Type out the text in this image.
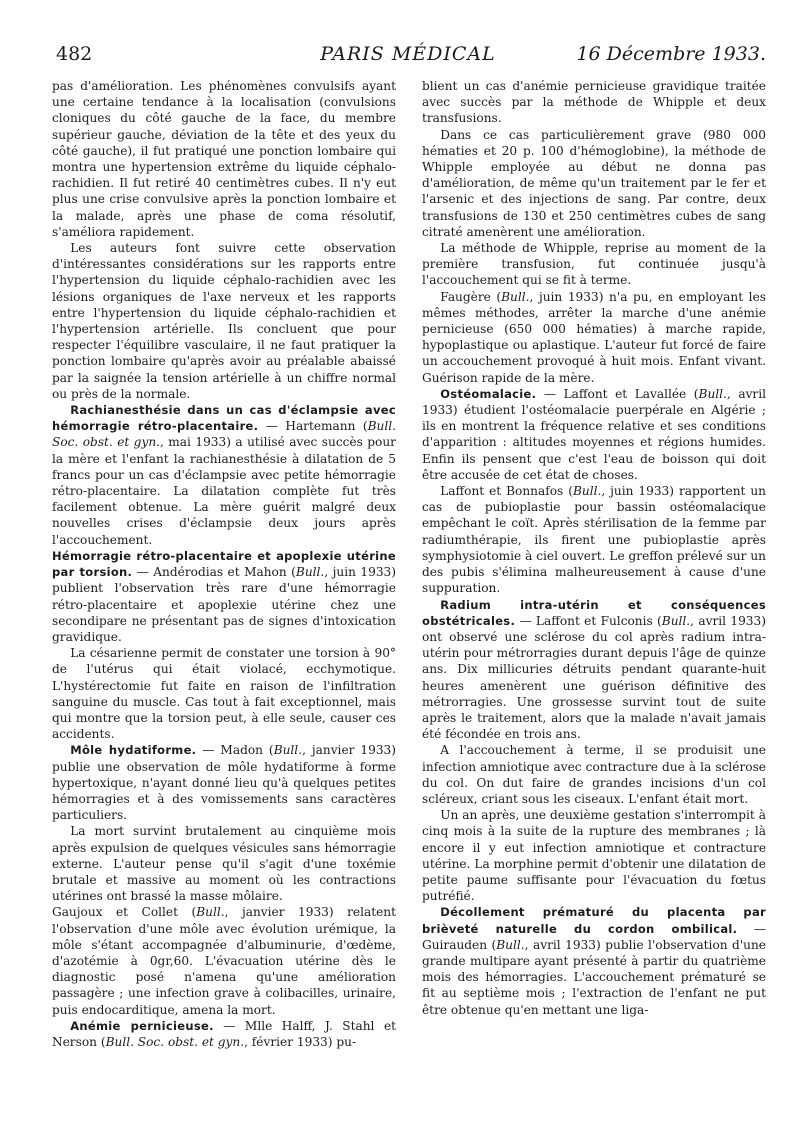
482	PARIS MÉDICAL	16 Décembre 1933.

pas d'amélioration. Les phénomènes convulsifs ayant une certaine tendance à la localisation (convulsions cloniques du côté gauche de la face, du membre supérieur gauche, déviation de la tête et des yeux du côté gauche), il fut pratiqué une ponction lombaire qui montra une hypertension extrême du liquide céphalo-rachidien. Il fut retiré 40 centimètres cubes. Il n'y eut plus une crise convulsive après la ponction lombaire et la malade, après une phase de coma résolutif, s'améliora rapidement.

Les auteurs font suivre cette observation d'intéressantes considérations sur les rapports entre l'hypertension du liquide céphalo-rachidien avec les lésions organiques de l'axe nerveux et les rapports entre l'hypertension du liquide céphalo-rachidien et l'hypertension artérielle. Ils concluent que pour respecter l'équilibre vasculaire, il ne faut pratiquer la ponction lombaire qu'après avoir au préalable abaissé par la saignée la tension artérielle à un chiffre normal ou près de la normale.

Rachianesthésie dans un cas d'éclampsie avec hémorragie rétro-placentaire. — Hartemann (Bull. Soc. obst. et gyn., mai 1933) a utilisé avec succès pour la mère et l'enfant la rachianesthésie à dilatation de 5 francs pour un cas d'éclampsie avec petite hémorragie rétro-placentaire. La dilatation complète fut très facilement obtenue. La mère guérit malgré deux nouvelles crises d'éclampsie deux jours après l'accouchement.

Hémorragie rétro-placentaire et apoplexie utérine par torsion. — Andérodias et Mahon (Bull., juin 1933) publient l'observation très rare d'une hémorragie rétro-placentaire et apoplexie utérine chez une secondipare ne présentant pas de signes d'intoxication gravidique.

La césarienne permit de constater une torsion à 90° de l'utérus qui était violacé, ecchymotique. L'hystérectomie fut faite en raison de l'infiltration sanguine du muscle. Cas tout à fait exceptionnel, mais qui montre que la torsion peut, à elle seule, causer ces accidents.

Môle hydatiforme. — Madon (Bull., janvier 1933) publie une observation de môle hydatiforme à forme hypertoxique, n'ayant donné lieu qu'à quelques petites hémorragies et à des vomissements sans caractères particuliers.

La mort survint brutalement au cinquième mois après expulsion de quelques vésicules sans hémorragie externe. L'auteur pense qu'il s'agit d'une toxémie brutale et massive au moment où les contractions utérines ont brassé la masse môlaire.

Gaujoux et Collet (Bull., janvier 1933) relatent l'observation d'une môle avec évolution urémique, la môle s'étant accompagnée d'albuminurie, d'œdème, d'azotémie à 0gr,60. L'évacuation utérine dès le diagnostic posé n'amena qu'une amélioration passagère ; une infection grave à colibacilles, urinaire, puis endocarditique, amena la mort.

Anémie pernicieuse. — Mlle Halff, J. Stahl et Nerson (Bull. Soc. obst. et gyn., février 1933) pu-

blient un cas d'anémie pernicieuse gravidique traitée avec succès par la méthode de Whipple et deux transfusions.

Dans ce cas particulièrement grave (980 000 hématies et 20 p. 100 d'hémoglobine), la méthode de Whipple employée au début ne donna pas d'amélioration, de même qu'un traitement par le fer et l'arsenic et des injections de sang. Par contre, deux transfusions de 130 et 250 centimètres cubes de sang citraté amenèrent une amélioration.

La méthode de Whipple, reprise au moment de la première transfusion, fut continuée jusqu'à l'accouchement qui se fit à terme.

Faugère (Bull., juin 1933) n'a pu, en employant les mêmes méthodes, arrêter la marche d'une anémie pernicieuse (650 000 hématies) à marche rapide, hypoplastique ou aplastique. L'auteur fut forcé de faire un accouchement provoqué à huit mois. Enfant vivant. Guérison rapide de la mère.

Ostéomalacie. — Laffont et Lavallée (Bull., avril 1933) étudient l'ostéomalacie puerpérale en Algérie ; ils en montrent la fréquence relative et ses conditions d'apparition : altitudes moyennes et régions humides. Enfin ils pensent que c'est l'eau de boisson qui doit être accusée de cet état de choses.

Laffont et Bonnafos (Bull., juin 1933) rapportent un cas de pubioplastie pour bassin ostéomalacique empêchant le coït. Après stérilisation de la femme par radiumthérapie, ils firent une pubioplastie après symphysiotomie à ciel ouvert. Le greffon prélevé sur un des pubis s'élimina malheureusement à cause d'une suppuration.

Radium intra-utérin et conséquences obstétricales. — Laffont et Fulconis (Bull., avril 1933) ont observé une sclérose du col après radium intra-utérin pour métrorragies durant depuis l'âge de quinze ans. Dix millicuries détruits pendant quarante-huit heures amenèrent une guérison définitive des métrorragies. Une grossesse survint tout de suite après le traitement, alors que la malade n'avait jamais été fécondée en trois ans.

A l'accouchement à terme, il se produisit une infection amniotique avec contracture due à la sclérose du col. On dut faire de grandes incisions d'un col scléreux, criant sous les ciseaux. L'enfant était mort.

Un an après, une deuxième gestation s'interrompit à cinq mois à la suite de la rupture des membranes ; là encore il y eut infection amniotique et contracture utérine. La morphine permit d'obtenir une dilatation de petite paume suffisante pour l'évacuation du fœtus putréfié.

Décollement prématuré du placenta par brièveté naturelle du cordon ombilical. — Guirauden (Bull., avril 1933) publie l'observation d'une grande multipare ayant présenté à partir du quatrième mois des hémorragies. L'accouchement prématuré se fit au septième mois ; l'extraction de l'enfant ne put être obtenue qu'en mettant une liga-
